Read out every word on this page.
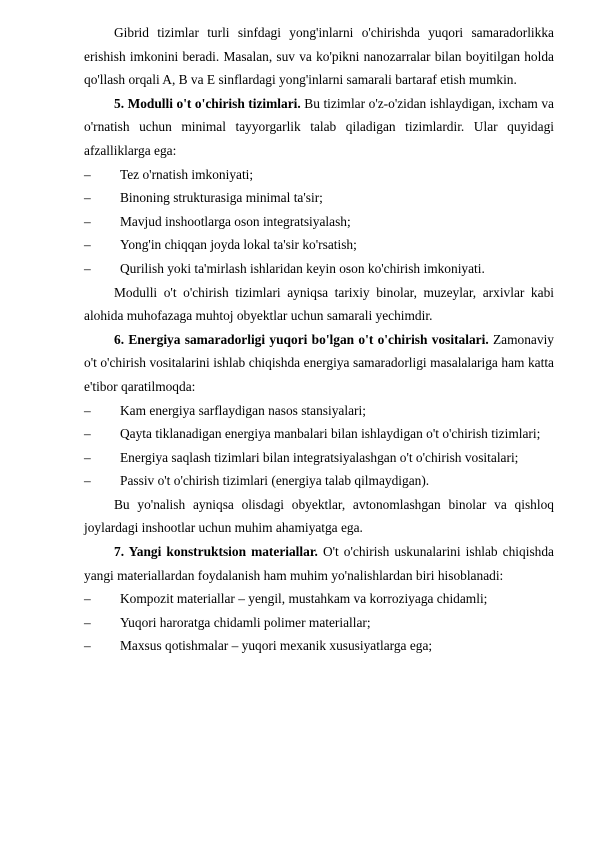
Gibrid tizimlar turli sinfdagi yong'inlarni o'chirishda yuqori samaradorlikka erishish imkonini beradi. Masalan, suv va ko'pikni nanozarralar bilan boyitilgan holda qo'llash orqali A, B va E sinflardagi yong'inlarni samarali bartaraf etish mumkin.

5. Modulli o't o'chirish tizimlari. Bu tizimlar o'z-o'zidan ishlaydigan, ixcham va o'rnatish uchun minimal tayyorgarlik talab qiladigan tizimlardir. Ular quyidagi afzalliklarga ega:

– Tez o'rnatish imkoniyati;
– Binoning strukturasiga minimal ta'sir;
– Mavjud inshootlarga oson integratsiyalash;
– Yong'in chiqqan joyda lokal ta'sir ko'rsatish;
– Qurilish yoki ta'mirlash ishlaridan keyin oson ko'chirish imkoniyati.

Modulli o't o'chirish tizimlari ayniqsa tarixiy binolar, muzeylar, arxivlar kabi alohida muhofazaga muhtoj obyektlar uchun samarali yechimdir.

6. Energiya samaradorligi yuqori bo'lgan o't o'chirish vositalari. Zamonaviy o't o'chirish vositalarini ishlab chiqishda energiya samaradorligi masalalariga ham katta e'tibor qaratilmoqda:

– Kam energiya sarflaydigan nasos stansiyalari;
– Qayta tiklanadigan energiya manbalari bilan ishlaydigan o't o'chirish tizimlari;
– Energiya saqlash tizimlari bilan integratsiyalashgan o't o'chirish vositalari;
– Passiv o't o'chirish tizimlari (energiya talab qilmaydigan).

Bu yo'nalish ayniqsa olisdagi obyektlar, avtonomlashgan binolar va qishloq joylardagi inshootlar uchun muhim ahamiyatga ega.

7. Yangi konstruktsion materiallar. O't o'chirish uskunalarini ishlab chiqishda yangi materiallardan foydalanish ham muhim yo'nalishlardan biri hisoblanadi:

– Kompozit materiallar – yengil, mustahkam va korroziyaga chidamli;
– Yuqori haroratga chidamli polimer materiallar;
– Maxsus qotishmalar – yuqori mexanik xususiyatlarga ega;
